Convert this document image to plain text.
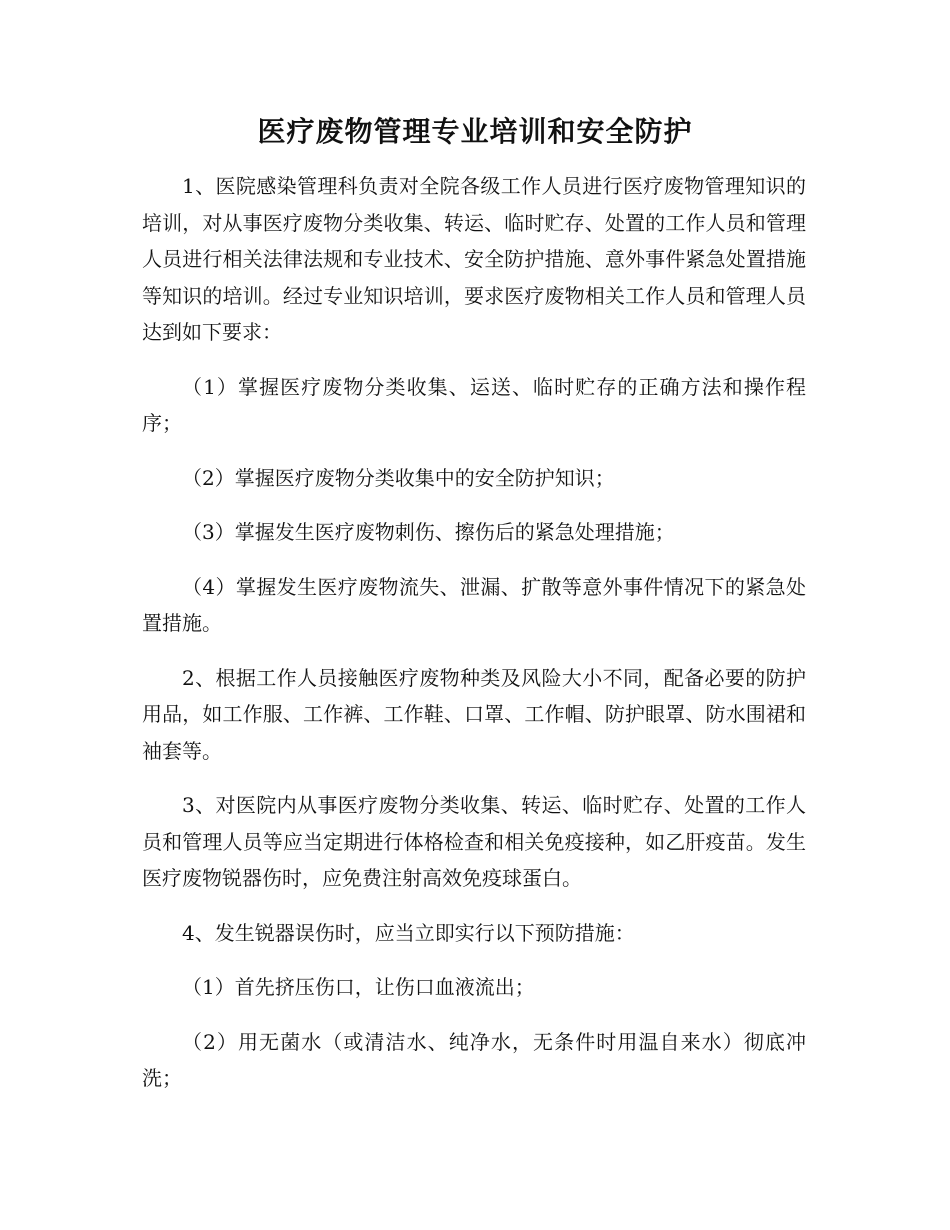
医疗废物管理专业培训和安全防护

1、医院感染管理科负责对全院各级工作人员进行医疗废物管理知识的培训，对从事医疗废物分类收集、转运、临时贮存、处置的工作人员和管理人员进行相关法律法规和专业技术、安全防护措施、意外事件紧急处置措施等知识的培训。经过专业知识培训，要求医疗废物相关工作人员和管理人员达到如下要求：

（1）掌握医疗废物分类收集、运送、临时贮存的正确方法和操作程序；

（2）掌握医疗废物分类收集中的安全防护知识；

（3）掌握发生医疗废物刺伤、擦伤后的紧急处理措施；

（4）掌握发生医疗废物流失、泄漏、扩散等意外事件情况下的紧急处置措施。

2、根据工作人员接触医疗废物种类及风险大小不同，配备必要的防护用品，如工作服、工作裤、工作鞋、口罩、工作帽、防护眼罩、防水围裙和袖套等。

3、对医院内从事医疗废物分类收集、转运、临时贮存、处置的工作人员和管理人员等应当定期进行体格检查和相关免疫接种，如乙肝疫苗。发生医疗废物锐器伤时，应免费注射高效免疫球蛋白。

4、发生锐器误伤时，应当立即实行以下预防措施：

（1）首先挤压伤口，让伤口血液流出；

（2）用无菌水（或清洁水、纯净水，无条件时用温自来水）彻底冲洗；
